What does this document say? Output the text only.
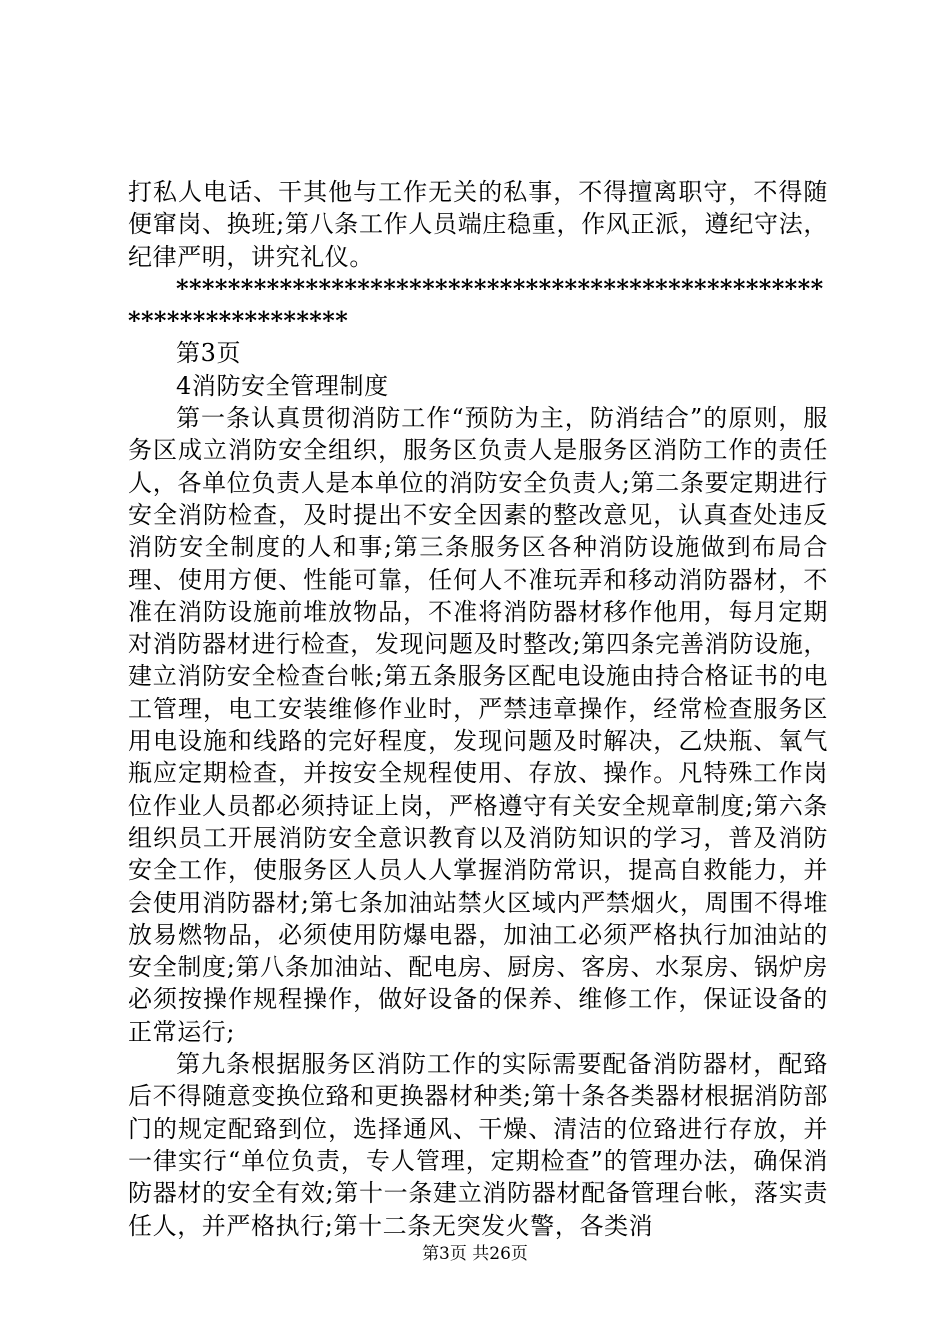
打私人电话、干其他与工作无关的私事，不得擅离职守，不得随便窜岗、换班;第八条工作人员端庄稳重，作风正派，遵纪守法，纪律严明，讲究礼仪。

*******************************************************************

第3页

4消防安全管理制度

第一条认真贯彻消防工作“预防为主，防消结合”的原则，服务区成立消防安全组织，服务区负责人是服务区消防工作的责任人，各单位负责人是本单位的消防安全负责人;第二条要定期进行安全消防检查，及时提出不安全因素的整改意见，认真查处违反消防安全制度的人和事;第三条服务区各种消防设施做到布局合理、使用方便、性能可靠，任何人不准玩弄和移动消防器材，不准在消防设施前堆放物品，不准将消防器材移作他用，每月定期对消防器材进行检查，发现问题及时整改;第四条完善消防设施，建立消防安全检查台帐;第五条服务区配电设施由持合格证书的电工管理，电工安装维修作业时，严禁违章操作，经常检查服务区用电设施和线路的完好程度，发现问题及时解决，乙炔瓶、氧气瓶应定期检查，并按安全规程使用、存放、操作。凡特殊工作岗位作业人员都必须持证上岗，严格遵守有关安全规章制度;第六条组织员工开展消防安全意识教育以及消防知识的学习，普及消防安全工作，使服务区人员人人掌握消防常识，提高自救能力，并会使用消防器材;第七条加油站禁火区域内严禁烟火，周围不得堆放易燃物品，必须使用防爆电器，加油工必须严格执行加油站的安全制度;第八条加油站、配电房、厨房、客房、水泵房、锅炉房必须按操作规程操作，做好设备的保养、维修工作，保证设备的正常运行;

第九条根据服务区消防工作的实际需要配备消防器材，配臵后不得随意变换位臵和更换器材种类;第十条各类器材根据消防部门的规定配臵到位，选择通风、干燥、清洁的位臵进行存放，并一律实行“单位负责，专人管理，定期检查”的管理办法，确保消防器材的安全有效;第十一条建立消防器材配备管理台帐，落实责任人，并严格执行;第十二条无突发火警，各类消

第3页 共26页
